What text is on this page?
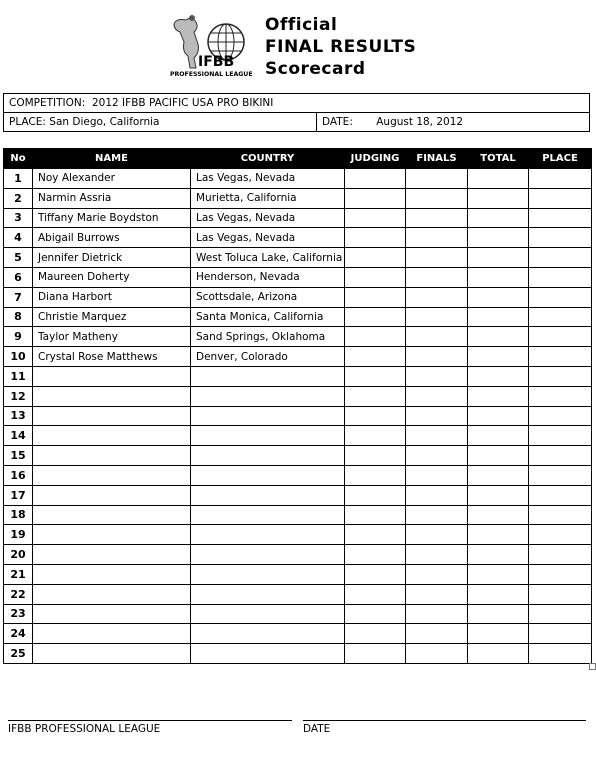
IFBB
PROFESSIONAL LEAGUE
Official
FINAL RESULTS
Scorecard
COMPETITION: 2012 IFBB PACIFIC USA PRO BIKINI
PLACE: San Diego, California	DATE: August 18, 2012
No	NAME	COUNTRY	JUDGING	FINALS	TOTAL	PLACE
1	Noy Alexander	Las Vegas, Nevada				
2	Narmin Assria	Murietta, California				
3	Tiffany Marie Boydston	Las Vegas, Nevada				
4	Abigail Burrows	Las Vegas, Nevada				
5	Jennifer Dietrick	West Toluca Lake, California				
6	Maureen Doherty	Henderson, Nevada				
7	Diana Harbort	Scottsdale, Arizona				
8	Christie Marquez	Santa Monica, California				
9	Taylor Matheny	Sand Springs, Oklahoma				
10	Crystal Rose Matthews	Denver, Colorado				
11						
12						
13						
14						
15						
16						
17						
18						
19						
20						
21						
22						
23						
24						
25						
IFBB PROFESSIONAL LEAGUE	DATE
